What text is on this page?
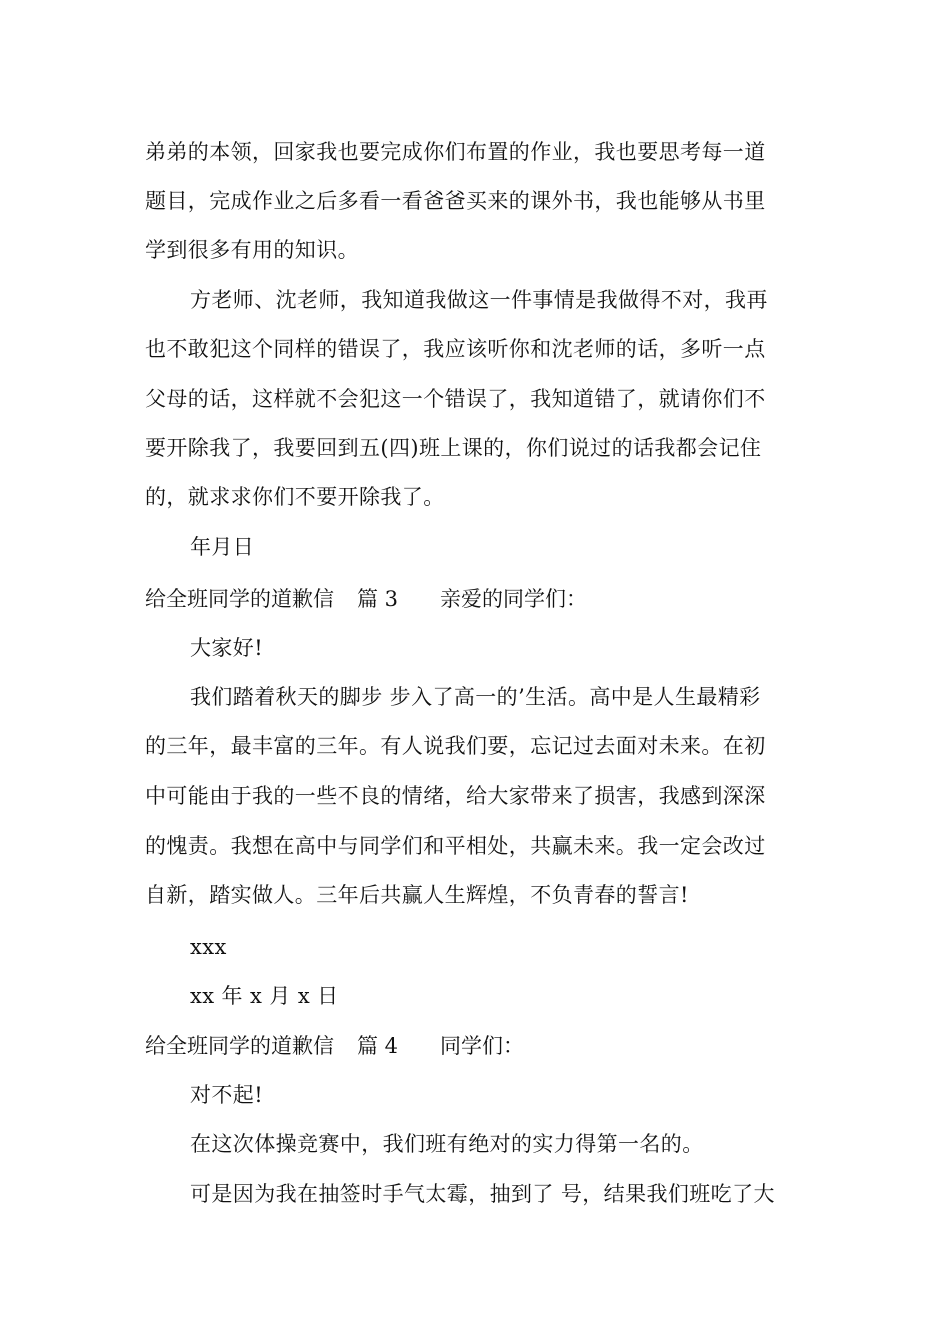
弟弟的本领，回家我也要完成你们布置的作业，我也要思考每一道
题目，完成作业之后多看一看爸爸买来的课外书，我也能够从书里
学到很多有用的知识。
方老师、沈老师，我知道我做这一件事情是我做得不对，我再
也不敢犯这个同样的错误了，我应该听你和沈老师的话，多听一点
父母的话，这样就不会犯这一个错误了，我知道错了，就请你们不
要开除我了，我要回到五(四)班上课的，你们说过的话我都会记住
的，就求求你们不要开除我了。
年月日
给全班同学的道歉信 篇 3 亲爱的同学们：
大家好!
我们踏着秋天的脚步 步入了高一的’生活。高中是人生最精彩
的三年，最丰富的三年。有人说我们要，忘记过去面对未来。在初
中可能由于我的一些不良的情绪，给大家带来了损害，我感到深深
的愧责。我想在高中与同学们和平相处，共赢未来。我一定会改过
自新，踏实做人。三年后共赢人生辉煌，不负青春的誓言!
xxx
xx 年 x 月 x 日
给全班同学的道歉信 篇 4 同学们：
对不起!
在这次体操竞赛中，我们班有绝对的实力得第一名的。
可是因为我在抽签时手气太霉，抽到了 号，结果我们班吃了大
